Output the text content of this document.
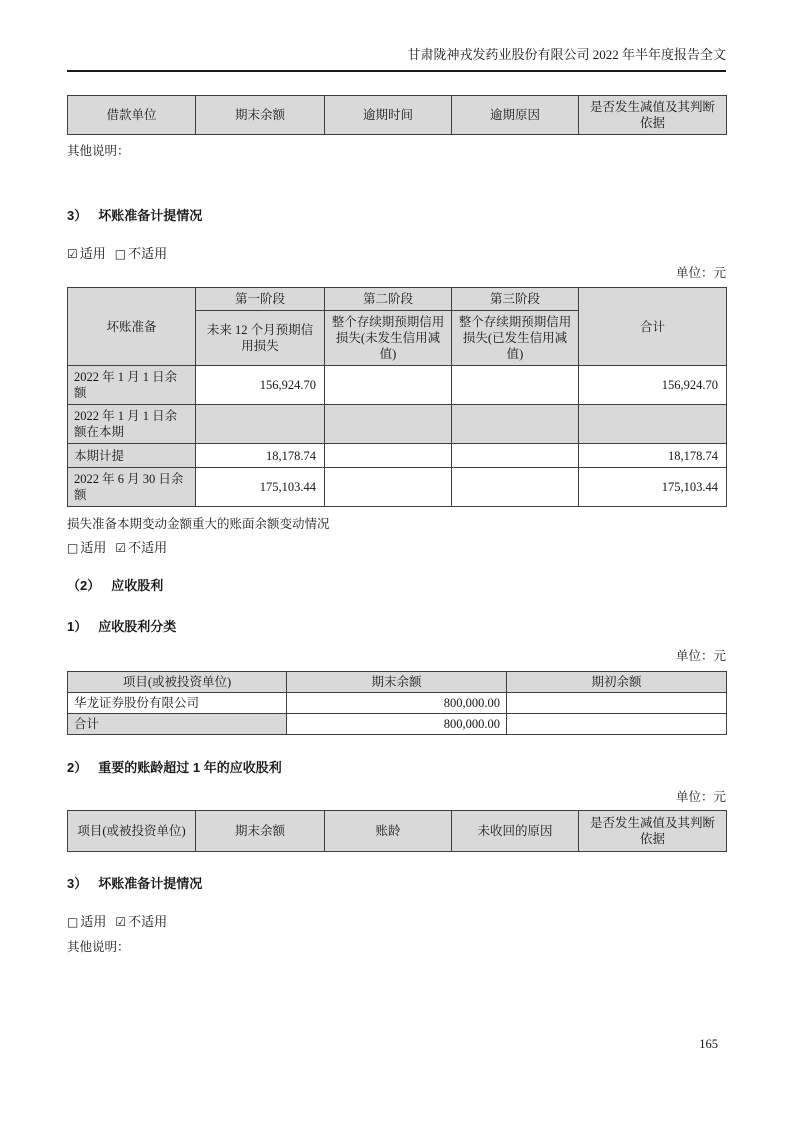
甘肃陇神戎发药业股份有限公司 2022 年半年度报告全文
借款单位	期末余额	逾期时间	逾期原因	是否发生减值及其判断依据

其他说明：

3） 坏账准备计提情况

☑ 适用 □ 不适用

单位：元

坏账准备	第一阶段	第二阶段	第三阶段	合计
	未来 12 个月预期信用损失	整个存续期预期信用损失(未发生信用减值)	整个存续期预期信用损失(已发生信用减值)	
2022 年 1 月 1 日余额	156,924.70			156,924.70
2022 年 1 月 1 日余额在本期				
本期计提	18,178.74			18,178.74
2022 年 6 月 30 日余额	175,103.44			175,103.44

损失准备本期变动金额重大的账面余额变动情况

□ 适用 ☑ 不适用

（2） 应收股利

1） 应收股利分类

单位：元

项目(或被投资单位)	期末余额	期初余额
华龙证券股份有限公司	800,000.00	
合计	800,000.00	

2） 重要的账龄超过 1 年的应收股利

单位：元

项目(或被投资单位)	期末余额	账龄	未收回的原因	是否发生减值及其判断依据

3） 坏账准备计提情况

□ 适用 ☑ 不适用

其他说明：

165
